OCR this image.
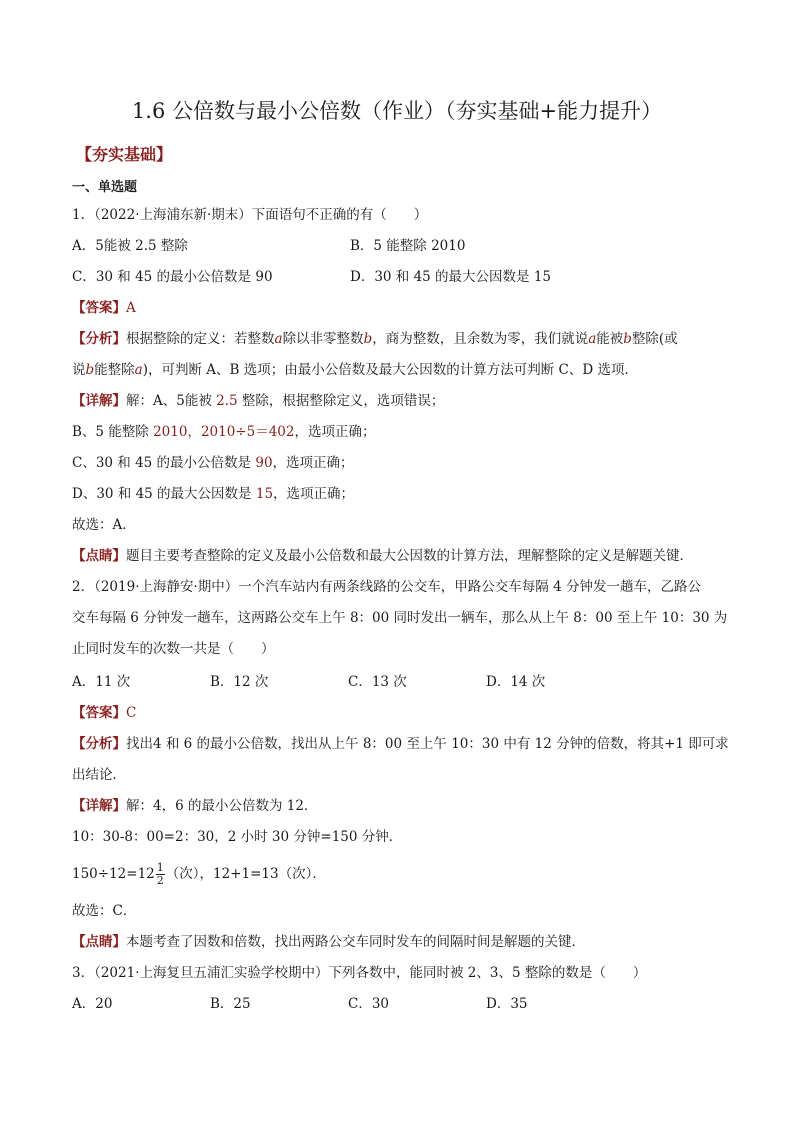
1.6 公倍数与最小公倍数（作业）（夯实基础+能力提升）
【夯实基础】
一、单选题
1．（2022·上海浦东新·期末）下面语句不正确的有（　　）
A．5能被 2.5 整除	B．5 能整除 2010
C．30 和 45 的最小公倍数是 90	D．30 和 45 的最大公因数是 15
【答案】A
【分析】根据整除的定义：若整数a除以非零整数b，商为整数，且余数为零，我们就说a能被b整除(或
说b能整除a)，可判断 A、B 选项；由最小公倍数及最大公因数的计算方法可判断 C、D 选项．
【详解】解：A、5能被 2.5 整除，根据整除定义，选项错误；
B、5 能整除 2010，2010÷5＝402，选项正确；
C、30 和 45 的最小公倍数是 90，选项正确；
D、30 和 45 的最大公因数是 15，选项正确；
故选：A．
【点睛】题目主要考查整除的定义及最小公倍数和最大公因数的计算方法，理解整除的定义是解题关键．
2．（2019·上海静安·期中）一个汽车站内有两条线路的公交车，甲路公交车每隔 4 分钟发一趟车，乙路公
交车每隔 6 分钟发一趟车，这两路公交车上午 8：00 同时发出一辆车，那么从上午 8：00 至上午 10：30 为
止同时发车的次数一共是（　　）
A．11 次	B．12 次	C．13 次	D．14 次
【答案】C
【分析】找出4 和 6 的最小公倍数，找出从上午 8：00 至上午 10：30 中有 12 分钟的倍数，将其+1 即可求
出结论．
【详解】解：4，6 的最小公倍数为 12．
10：30-8：00=2：30，2 小时 30 分钟=150 分钟．
$150\div 12=12 \frac{1}{2}$ （次），12+1=13（次）．
故选：C．
【点睛】本题考查了因数和倍数，找出两路公交车同时发车的间隔时间是解题的关键．
3．（2021·上海复旦五浦汇实验学校期中）下列各数中，能同时被 2、3、5 整除的数是（　　）
A．20	B．25	C．30	D．35
